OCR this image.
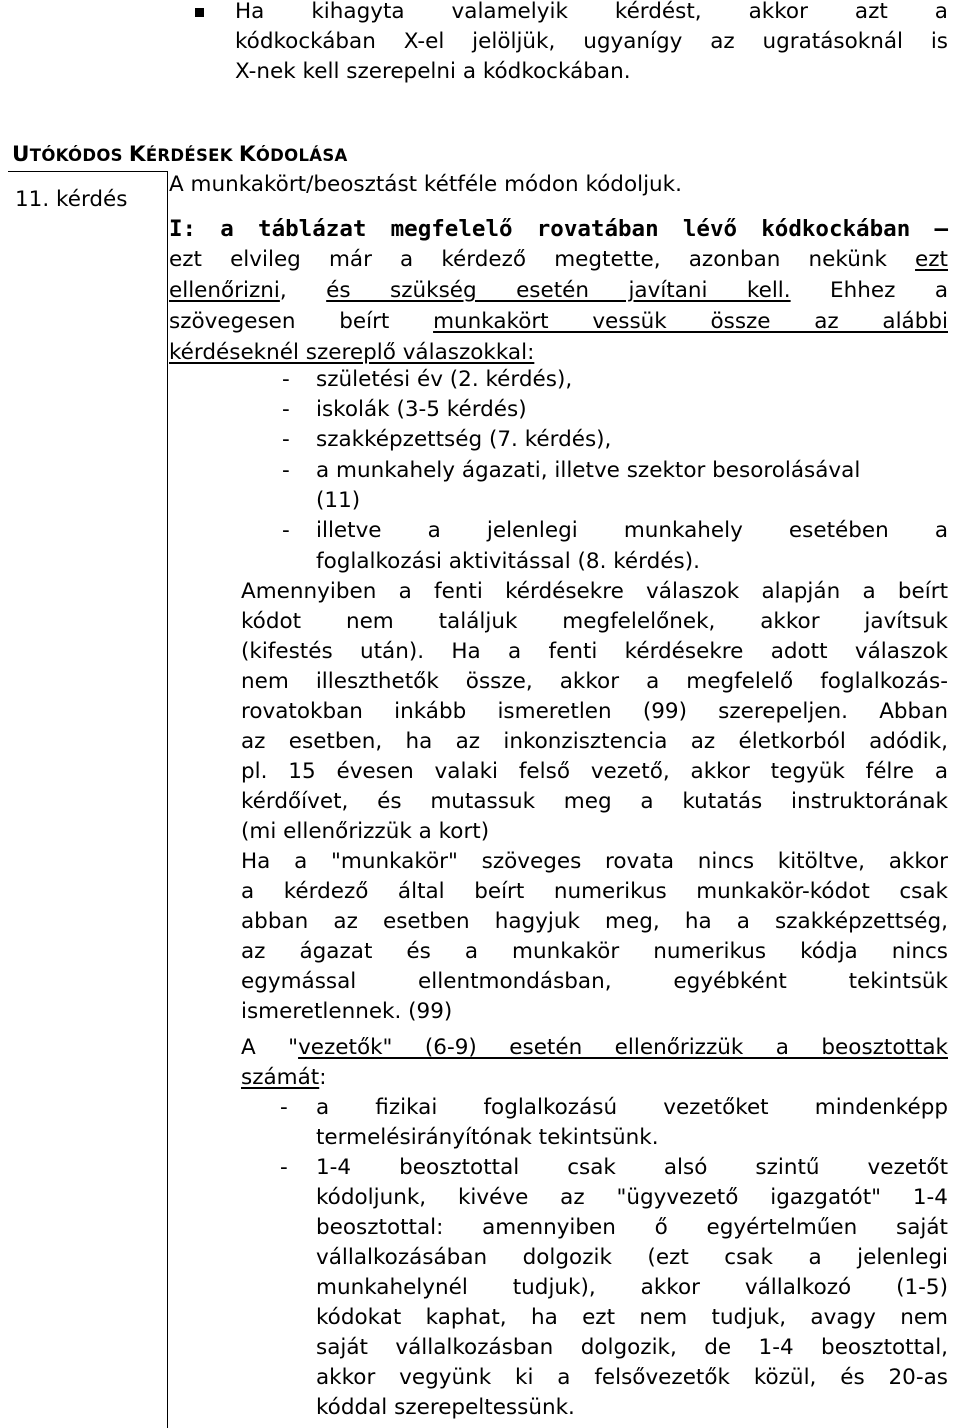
Ha kihagyta valamelyik kérdést, akkor azt a
kódkockában X-el jelöljük, ugyanígy az ugratásoknál is
X-nek kell szerepelni a kódkockában.
UTÓKÓDOS KÉRDÉSEK KÓDOLÁSA
11. kérdés
A munkakört/beosztást kétféle módon kódoljuk.
I: a táblázat megfelelő rovatában lévő kódkockában –
ezt elvileg már a kérdező megtette, azonban nekünk ezt
ellenőrizni, és szükség esetén javítani kell. Ehhez a
szövegesen beírt munkakört vessük össze az alábbi
kérdéseknél szereplő válaszokkal:
- születési év (2. kérdés),
- iskolák (3-5 kérdés)
- szakképzettség (7. kérdés),
- a munkahely ágazati, illetve szektor besorolásával
(11)
- illetve a jelenlegi munkahely esetében a
foglalkozási aktivitással (8. kérdés).
Amennyiben a fenti kérdésekre válaszok alapján a beírt
kódot nem találjuk megfelelőnek, akkor javítsuk
(kifestés után). Ha a fenti kérdésekre adott válaszok
nem illeszthetők össze, akkor a megfelelő foglalkozás-
rovatokban inkább ismeretlen (99) szerepeljen. Abban
az esetben, ha az inkonzisztencia az életkorból adódik,
pl. 15 évesen valaki felső vezető, akkor tegyük félre a
kérdőívet, és mutassuk meg a kutatás instruktorának
(mi ellenőrizzük a kort)
Ha a "munkakör" szöveges rovata nincs kitöltve, akkor
a kérdező által beírt numerikus munkakör-kódot csak
abban az esetben hagyjuk meg, ha a szakképzettség,
az ágazat és a munkakör numerikus kódja nincs
egymással ellentmondásban, egyébként tekintsük
ismeretlennek. (99)
A "vezetők" (6-9) esetén ellenőrizzük a beosztottak
számát:
- a fizikai foglalkozású vezetőket mindenképp
termelésirányítónak tekintsünk.
- 1-4 beosztottal csak alsó szintű vezetőt
kódoljunk, kivéve az "ügyvezető igazgatót" 1-4
beosztottal: amennyiben ő egyértelműen saját
vállalkozásában dolgozik (ezt csak a jelenlegi
munkahelynél tudjuk), akkor vállalkozó (1-5)
kódokat kaphat, ha ezt nem tudjuk, avagy nem
saját vállalkozásban dolgozik, de 1-4 beosztottal,
akkor vegyünk ki a felsővezetők közül, és 20-as
kóddal szerepeltessünk.
